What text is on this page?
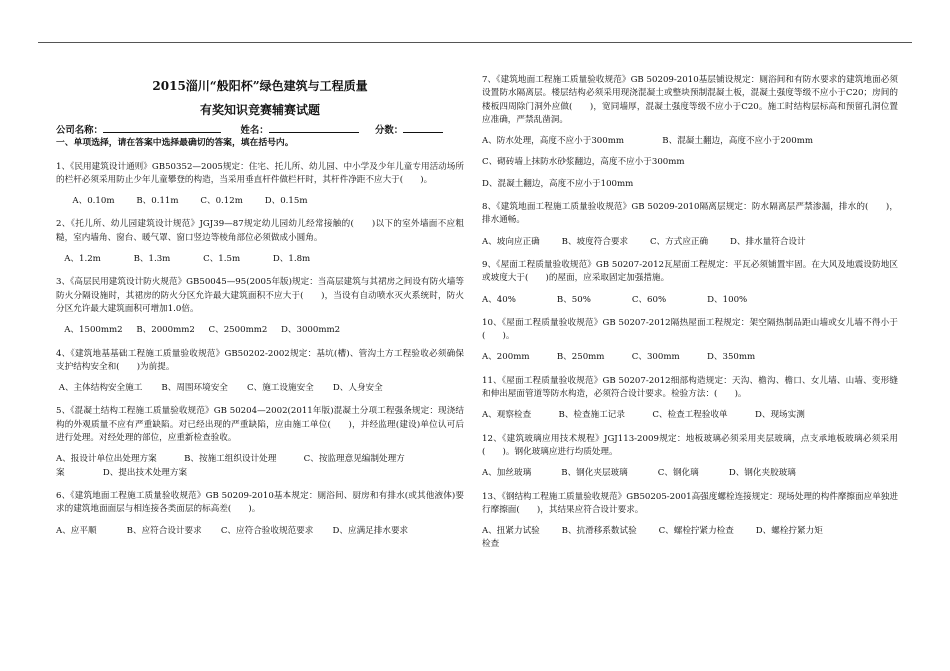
2015淄川“般阳杯”绿色建筑与工程质量
有奖知识竞赛辅赛试题
公司名称：	姓名：	分数：
一、单项选择，请在答案中选择最确切的答案，填在括号内。
1、《民用建筑设计通则》GB50352—2005规定：住宅、托儿所、幼儿园、中小学及少年儿童专用活动场所的栏杆必须采用防止少年儿童攀登的构造，当采用垂直杆件做栏杆时，其杆件净距不应大于(　　)。
A、0.10m	B、0.11m	C、0.12m	D、0.15m
2、《托儿所、幼儿园建筑设计规范》JGJ39—87规定幼儿园幼儿经常接触的(　　)以下的室外墙面不应粗糙，室内墙角、窗台、暖气罩、窗口竖边等棱角部位必须做成小圆角。
A、1.2m	B、1.3m	C、1.5m	D、1.8m
3、《高层民用建筑设计防火规范》GB50045—95(2005年版)规定：当高层建筑与其裙房之间设有防火墙等防火分隔设施时，其裙房的防火分区允许最大建筑面积不应大于(　　)，当设有自动喷水灭火系统时，防火分区允许最大建筑面积可增加1.0倍。
A、1500mm2 B、2000mm2 C、2500mm2 D、3000mm2
4、《建筑地基基础工程施工质量验收规范》GB50202-2002规定：基坑(槽)、管沟土方工程验收必须确保支护结构安全和(　　)为前提。
A、主体结构安全施工 B、周围环境安全 C、施工设施安全 D、人身安全
5、《混凝土结构工程施工质量验收规范》GB 50204—2002(2011年版)混凝土分项工程强条规定：现浇结构的外观质量不应有严重缺陷。对已经出现的严重缺陷，应由施工单位(　　)，并经监理(建设)单位认可后进行处理。对经处理的部位，应重新检查验收。
A、报设计单位出处理方案	B、按施工组织设计处理	C、按监理意见编制处理方
案	D、提出技术处理方案
6、《建筑地面工程施工质量验收规范》GB 50209-2010基本规定：厕浴间、厨房和有排水(或其他液体)要求的建筑地面面层与相连接各类面层的标高差(　　)。
A、应平顺	B、应符合设计要求 C、应符合验收规范要求 D、应满足排水要求
7、《建筑地面工程施工质量验收规范》GB 50209-2010基层铺设规定：厕浴间和有防水要求的建筑地面必须设置防水隔离层。楼层结构必须采用现浇混凝土或整块预制混凝土板，混凝土强度等级不应小于C20；房间的楼板四周除门洞外应做(　　)，宽同墙厚，混凝土强度等级不应小于C20。施工时结构层标高和预留孔洞位置应准确，严禁乱凿洞。
A、防水处理，高度不应小于300mm	B、混凝土翻边，高度不应小于200mm
C、砌砖墙上抹防水砂浆翻边，高度不应小于300mm
D、混凝土翻边，高度不应小于100mm
8、《建筑地面工程施工质量验收规范》GB 50209-2010隔离层规定：防水隔离层严禁渗漏，排水的(　　)，排水通畅。
A、坡向应正确	B、坡度符合要求	C、方式应正确	D、排水量符合设计
9、《屋面工程质量验收规范》GB 50207-2012瓦屋面工程规定：平瓦必须铺置牢固。在大风及地震设防地区或坡度大于(　　)的屋面，应采取固定加强措施。
A、40%	B、50%	C、60%	D、100%
10、《屋面工程质量验收规范》GB 50207-2012隔热屋面工程规定：架空隔热制品距山墙或女儿墙不得小于(　　)。
A、200mm	B、250mm	C、300mm	D、350mm
11、《屋面工程质量验收规范》GB 50207-2012细部构造规定：天沟、檐沟、檐口、女儿墙、山墙、变形缝和伸出屋面管道等防水构造，必须符合设计要求。检验方法：(　　)。
A、观察检查	B、检查施工记录	C、检查工程验收单	D、现场实测
12、《建筑玻璃应用技术规程》JGJ113-2009规定：地板玻璃必须采用夹层玻璃，点支承地板玻璃必须采用(　　)。钢化玻璃应进行均质处理。
A、加丝玻璃	B、钢化夹层玻璃	C、钢化璃	D、钢化夹胶玻璃
13、《钢结构工程施工质量验收规范》GB50205-2001高强度螺栓连接规定：现场处理的构件摩擦面应单独进行摩擦面(　　)，其结果应符合设计要求。
A、扭紧力试验	B、抗滑移系数试验	C、螺栓拧紧力检查	D、螺栓拧紧力矩
检查
